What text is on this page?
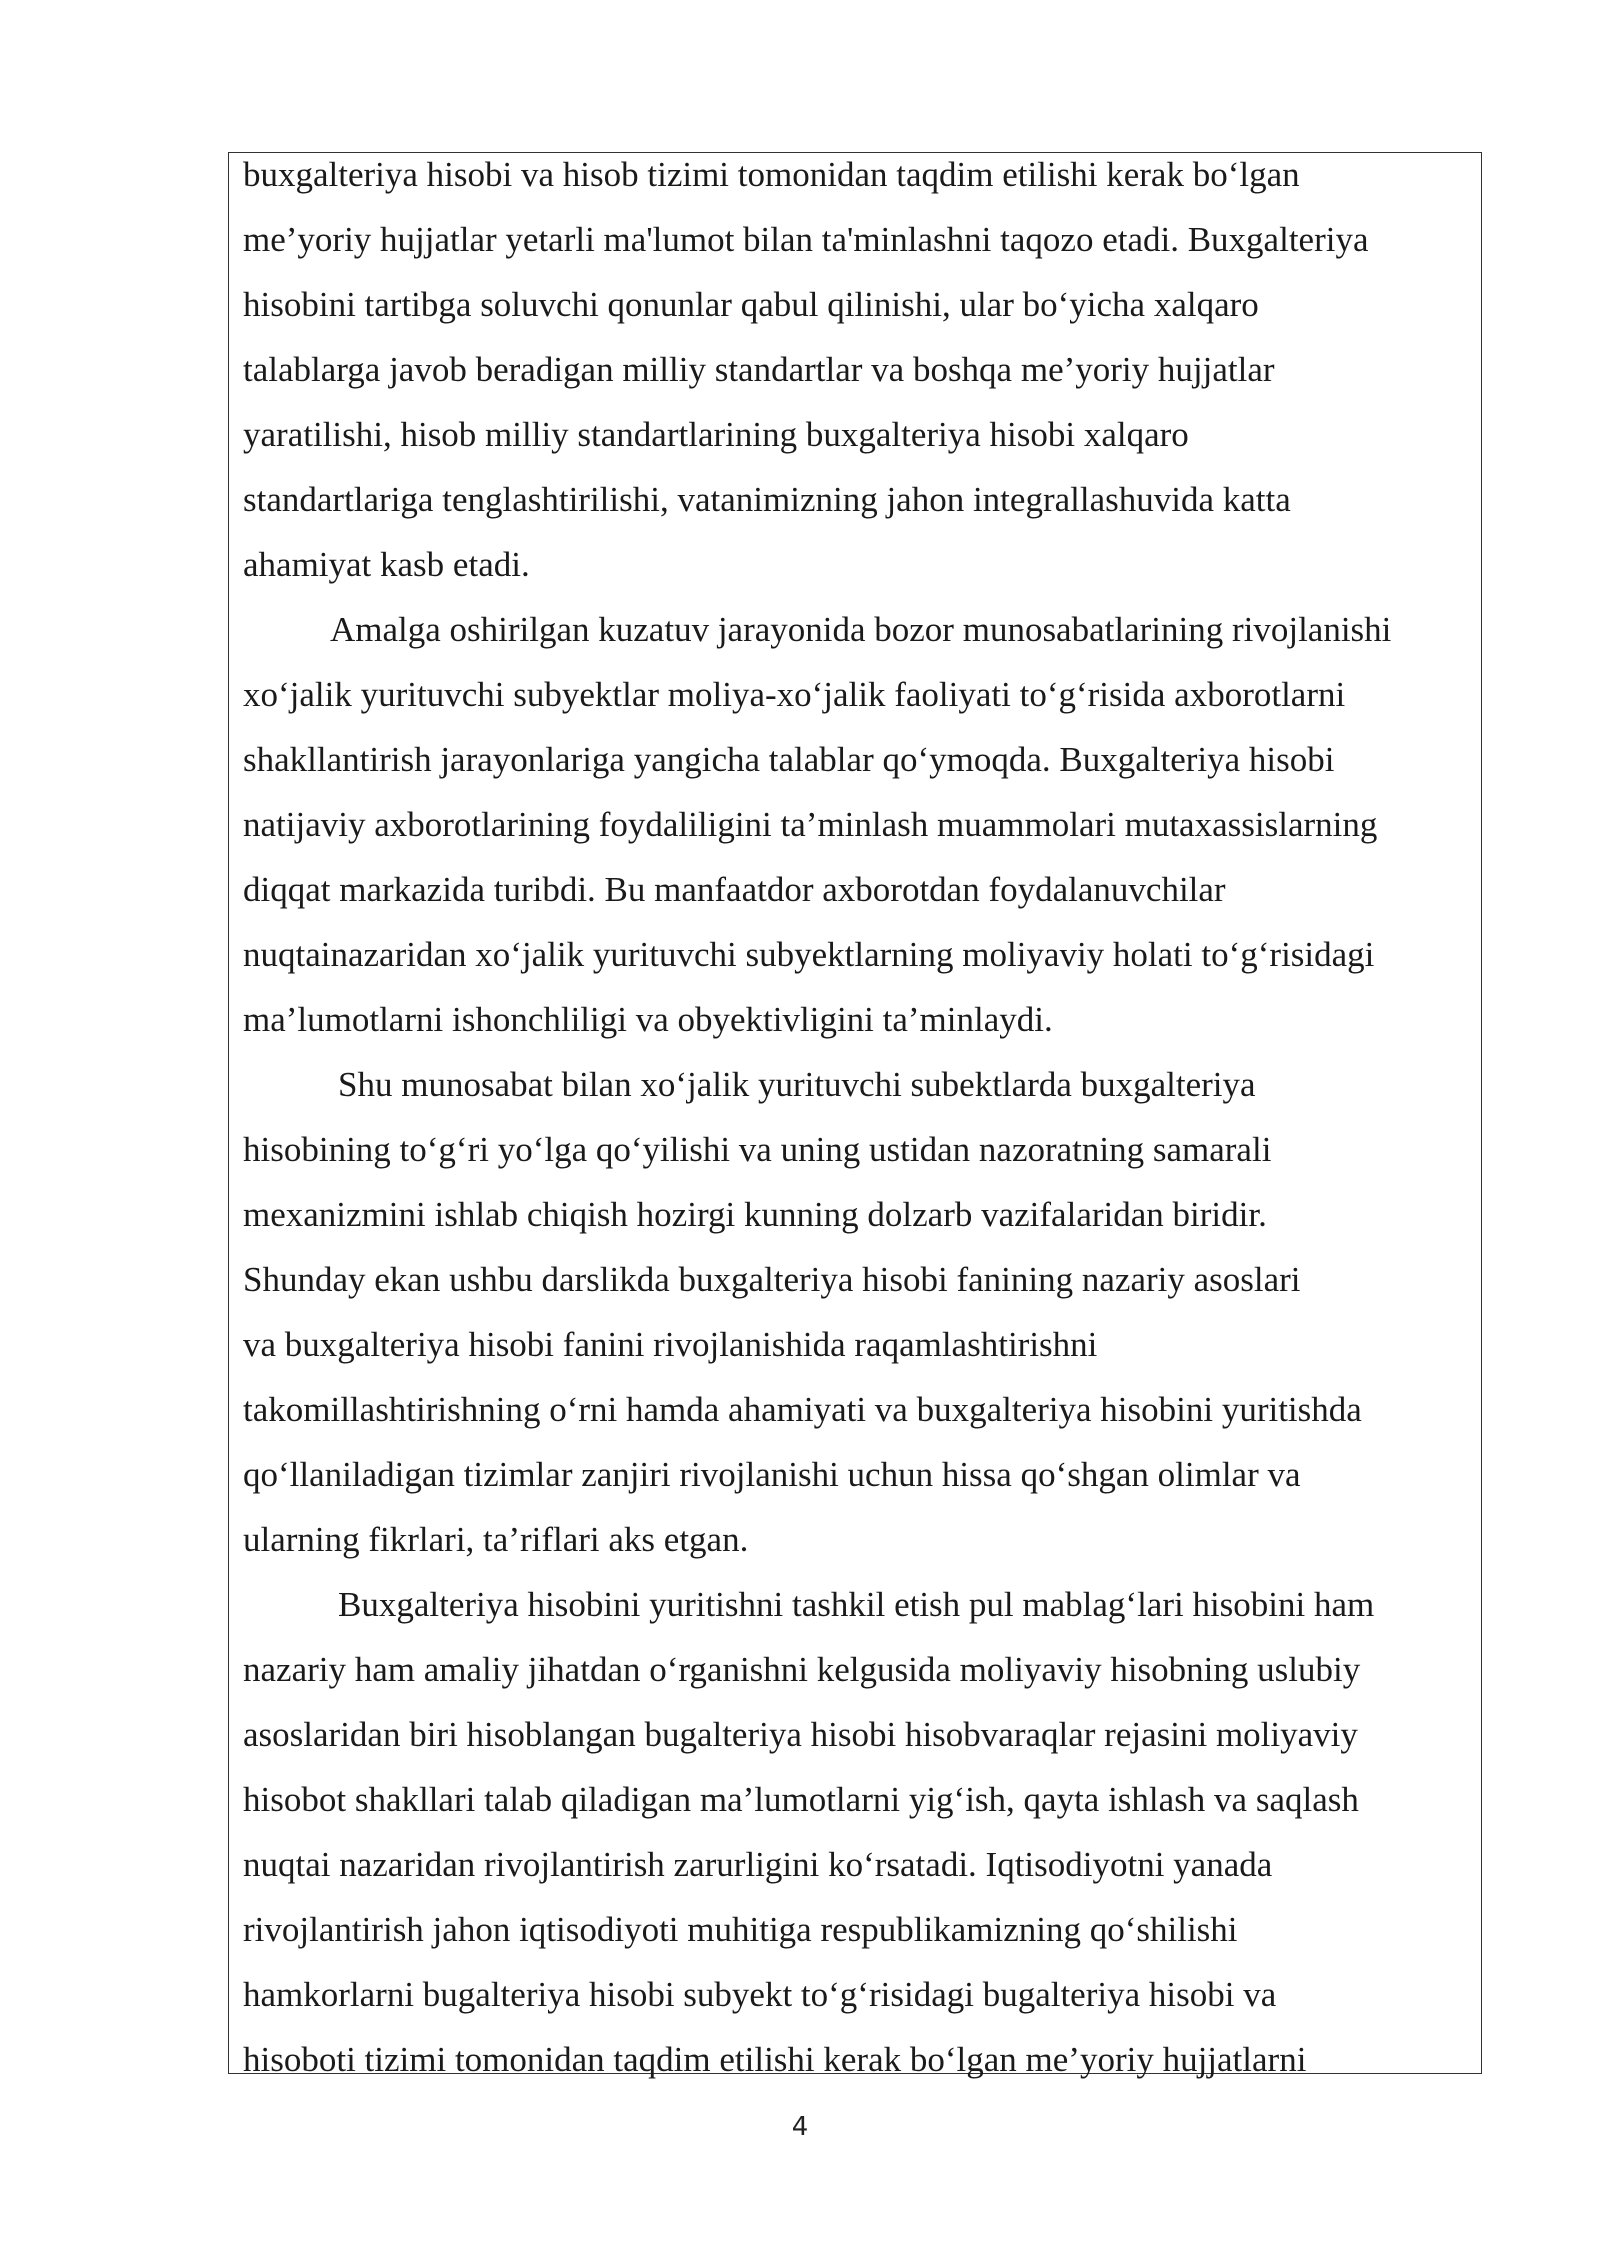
buxgalteriya hisobi va hisob tizimi tomonidan taqdim etilishi kerak bo‘lgan
me’yoriy hujjatlar yetarli ma'lumot bilan ta'minlashni taqozo etadi. Buxgalteriya
hisobini tartibga soluvchi qonunlar qabul qilinishi, ular bo‘yicha xalqaro
talablarga javob beradigan milliy standartlar va boshqa me’yoriy hujjatlar
yaratilishi, hisob milliy standartlarining buxgalteriya hisobi xalqaro
standartlariga tenglashtirilishi, vatanimizning jahon integrallashuvida katta
ahamiyat kasb etadi.
Amalga oshirilgan kuzatuv jarayonida bozor munosabatlarining rivojlanishi
xo‘jalik yurituvchi subyektlar moliya-xo‘jalik faoliyati to‘g‘risida axborotlarni
shakllantirish jarayonlariga yangicha talablar qo‘ymoqda. Buxgalteriya hisobi
natijaviy axborotlarining foydaliligini ta’minlash muammolari mutaxassislarning
diqqat markazida turibdi. Bu manfaatdor axborotdan foydalanuvchilar
nuqtainazaridan xo‘jalik yurituvchi subyektlarning moliyaviy holati to‘g‘risidagi
ma’lumotlarni ishonchliligi va obyektivligini ta’minlaydi.
Shu munosabat bilan xo‘jalik yurituvchi subektlarda buxgalteriya
hisobining to‘g‘ri yo‘lga qo‘yilishi va uning ustidan nazoratning samarali
mexanizmini ishlab chiqish hozirgi kunning dolzarb vazifalaridan biridir.
Shunday ekan ushbu darslikda buxgalteriya hisobi fanining nazariy asoslari
va buxgalteriya hisobi fanini rivojlanishida raqamlashtirishni
takomillashtirishning o‘rni hamda ahamiyati va buxgalteriya hisobini yuritishda
qo‘llaniladigan tizimlar zanjiri rivojlanishi uchun hissa qo‘shgan olimlar va
ularning fikrlari, ta’riflari aks etgan.
Buxgalteriya hisobini yuritishni tashkil etish pul mablag‘lari hisobini ham
nazariy ham amaliy jihatdan o‘rganishni kelgusida moliyaviy hisobning uslubiy
asoslaridan biri hisoblangan bugalteriya hisobi hisobvaraqlar rejasini moliyaviy
hisobot shakllari talab qiladigan ma’lumotlarni yig‘ish, qayta ishlash va saqlash
nuqtai nazaridan rivojlantirish zarurligini ko‘rsatadi. Iqtisodiyotni yanada
rivojlantirish jahon iqtisodiyoti muhitiga respublikamizning qo‘shilishi
hamkorlarni bugalteriya hisobi subyekt to‘g‘risidagi bugalteriya hisobi va
hisoboti tizimi tomonidan taqdim etilishi kerak bo‘lgan me’yoriy hujjatlarni
4
